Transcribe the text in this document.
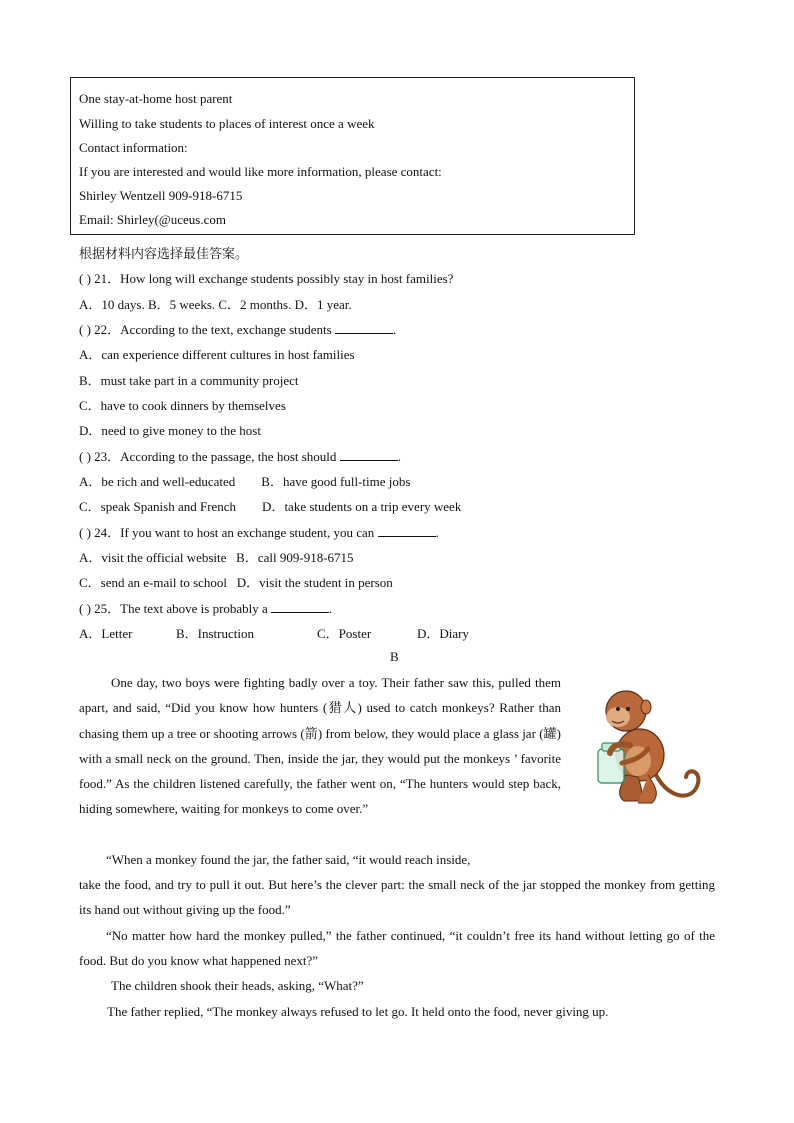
One stay-at-home host parent
Willing to take students to places of interest once a week
Contact information:
If you are interested and would like more information, please contact:
Shirley Wentzell 909-918-6715
Email: Shirley(@uceus.com
根据材料内容选择最佳答案。
( ) 21．How long will exchange students possibly stay in host families?
A．10 days. B．5 weeks. C．2 months. D．1 year.
( ) 22．According to the text, exchange students	.
A．can experience different cultures in host families
B．must take part in a community project
C．have to cook dinners by themselves
D．need to give money to the host
( ) 23．According to the passage, the host should	.
A．be rich and well-educated        B．have good full-time jobs
C．speak Spanish and French        D．take students on a trip every week
( ) 24．If you want to host an exchange student, you can	.
A．visit the official website   B．call 909-918-6715
C．send an e-mail to school   D．visit the student in person
( ) 25．The text above is probably a	.
A．Letter	B．Instruction	C．Poster	D．Diary
B

One day, two boys were fighting badly over a toy. Their father saw this, pulled them apart, and said, “Did you know how hunters (猎人) used to catch monkeys? Rather than chasing them up a tree or shooting arrows (箭) from below, they would place a glass jar (罐) with a small neck on the ground. Then, inside the jar, they would put the monkeys ’ favorite food.” As the children listened carefully, the father went on, “The hunters would step back, hiding somewhere, waiting for monkeys to come over.”

“When a monkey found the jar, the father said, “it would reach inside,

take the food, and try to pull it out. But here’s the clever part: the small neck of the jar stopped the monkey from getting its hand out without giving up the food.”

“No matter how hard the monkey pulled,” the father continued, “it couldn’t free its hand without letting go of the food. But do you know what happened next?”

The children shook their heads, asking, “What?”

The father replied, “The monkey always refused to let go. It held onto the food, never giving up.
